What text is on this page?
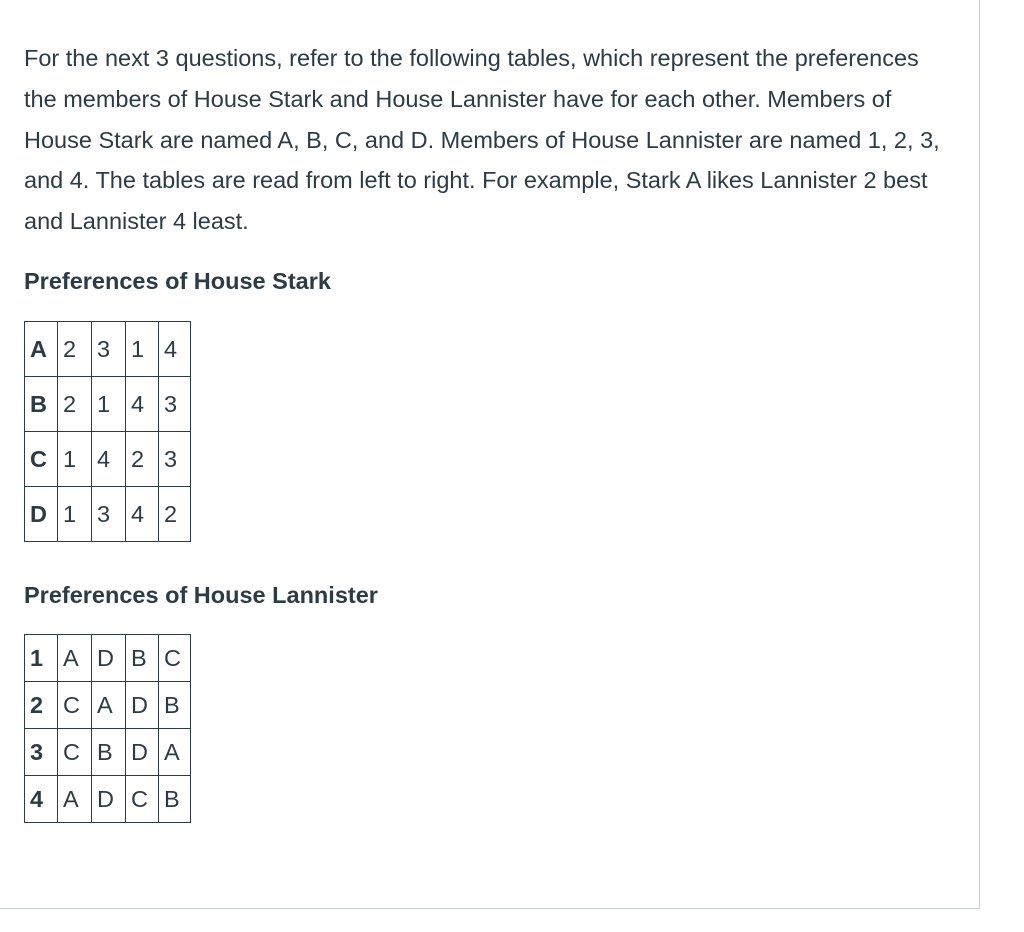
For the next 3 questions, refer to the following tables, which represent the preferences the members of House Stark and House Lannister have for each other. Members of House Stark are named A, B, C, and D. Members of House Lannister are named 1, 2, 3, and 4. The tables are read from left to right. For example, Stark A likes Lannister 2 best and Lannister 4 least.

Preferences of House Stark
A	2	3	1	4
B	2	1	4	3
C	1	4	2	3
D	1	3	4	2
Preferences of House Lannister
1	A	D	B	C
2	C	A	D	B
3	C	B	D	A
4	A	D	C	B
